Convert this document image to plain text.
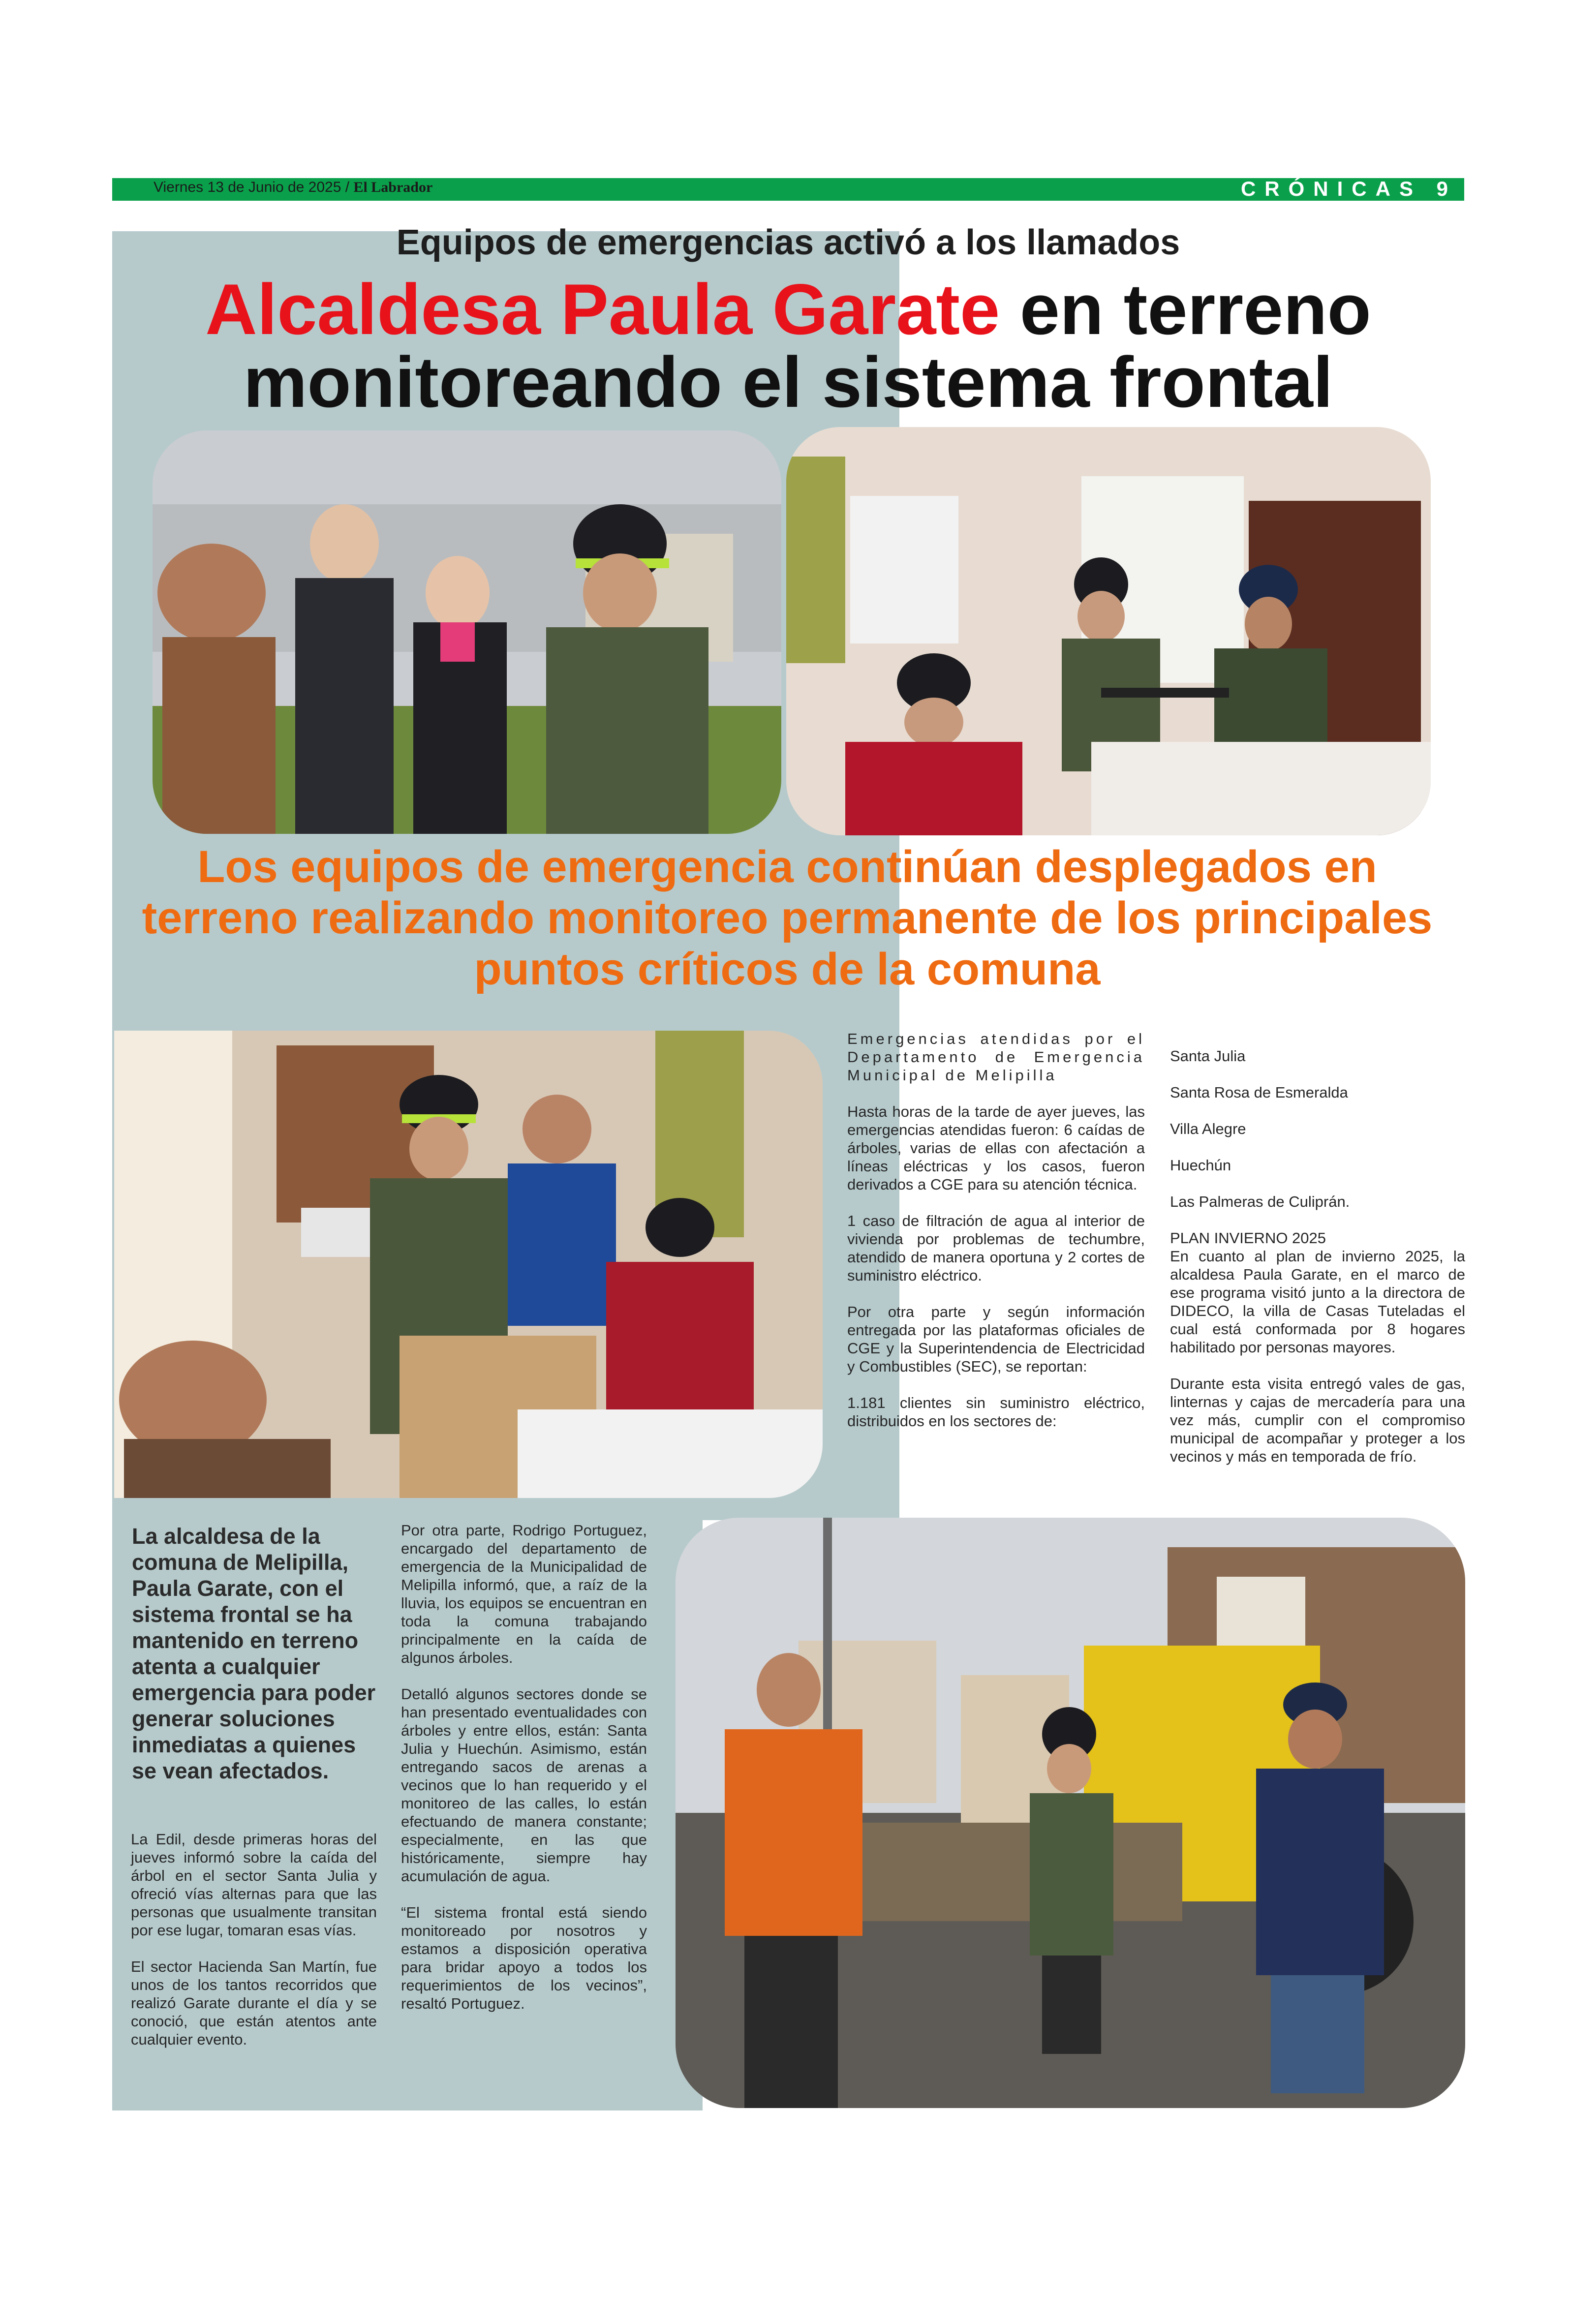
Viernes 13 de Junio de 2025 / El Labrador	CRÓNICAS 9
Equipos de emergencias activó a los llamados
Alcaldesa Paula Garate en terreno
monitoreando el sistema frontal
Los equipos de emergencia continúan desplegados en terreno realizando monitoreo permanente de los principales puntos críticos de la comuna

Emergencias atendidas por el Departamento de Emergencia Municipal de Melipilla

Hasta horas de la tarde de ayer jueves, las emergencias atendidas fueron: 6 caídas de árboles, varias de ellas con afectación a líneas eléctricas y los casos, fueron derivados a CGE para su atención técnica.

1 caso de filtración de agua al interior de vivienda por problemas de techumbre, atendido de manera oportuna y 2 cortes de suministro eléctrico.

Por otra parte y según información entregada por las plataformas oficiales de CGE y la Superintendencia de Electricidad y Combustibles (SEC), se reportan:

1.181 clientes sin suministro eléctrico, distribuidos en los sectores de:

Santa Julia

Santa Rosa de Esmeralda

Villa Alegre

Huechún

Las Palmeras de Culiprán.

PLAN INVIERNO 2025

En cuanto al plan de invierno 2025, la alcaldesa Paula Garate, en el marco de ese programa visitó junto a la directora de DIDECO, la villa de Casas Tuteladas el cual está conformada por 8 hogares habilitado por personas mayores.

Durante esta visita entregó vales de gas, linternas y cajas de mercadería para una vez más, cumplir con el compromiso municipal de acompañar y proteger a los vecinos y más en temporada de frío.

La alcaldesa de la comuna de Melipilla, Paula Garate, con el sistema frontal se ha mantenido en terreno atenta a cualquier emergencia para poder generar soluciones inmediatas a quienes se vean afectados.

La Edil, desde primeras horas del jueves informó sobre la caída del árbol en el sector Santa Julia y ofreció vías alternas para que las personas que usualmente transitan por ese lugar, tomaran esas vías.

El sector Hacienda San Martín, fue unos de los tantos recorridos que realizó Garate durante el día y se conoció, que están atentos ante cualquier evento.

Por otra parte, Rodrigo Portuguez, encargado del departamento de emergencia de la Municipalidad de Melipilla informó, que, a raíz de la lluvia, los equipos se encuentran en toda la comuna trabajando principalmente en la caída de algunos árboles.

Detalló algunos sectores donde se han presentado eventualidades con árboles y entre ellos, están: Santa Julia y Huechún. Asimismo, están entregando sacos de arenas a vecinos que lo han requerido y el monitoreo de las calles, lo están efectuando de manera constante; especialmente, en las que históricamente, siempre hay acumulación de agua.

“El sistema frontal está siendo monitoreado por nosotros y estamos a disposición operativa para bridar apoyo a todos los requerimientos de los vecinos”, resaltó Portuguez.
